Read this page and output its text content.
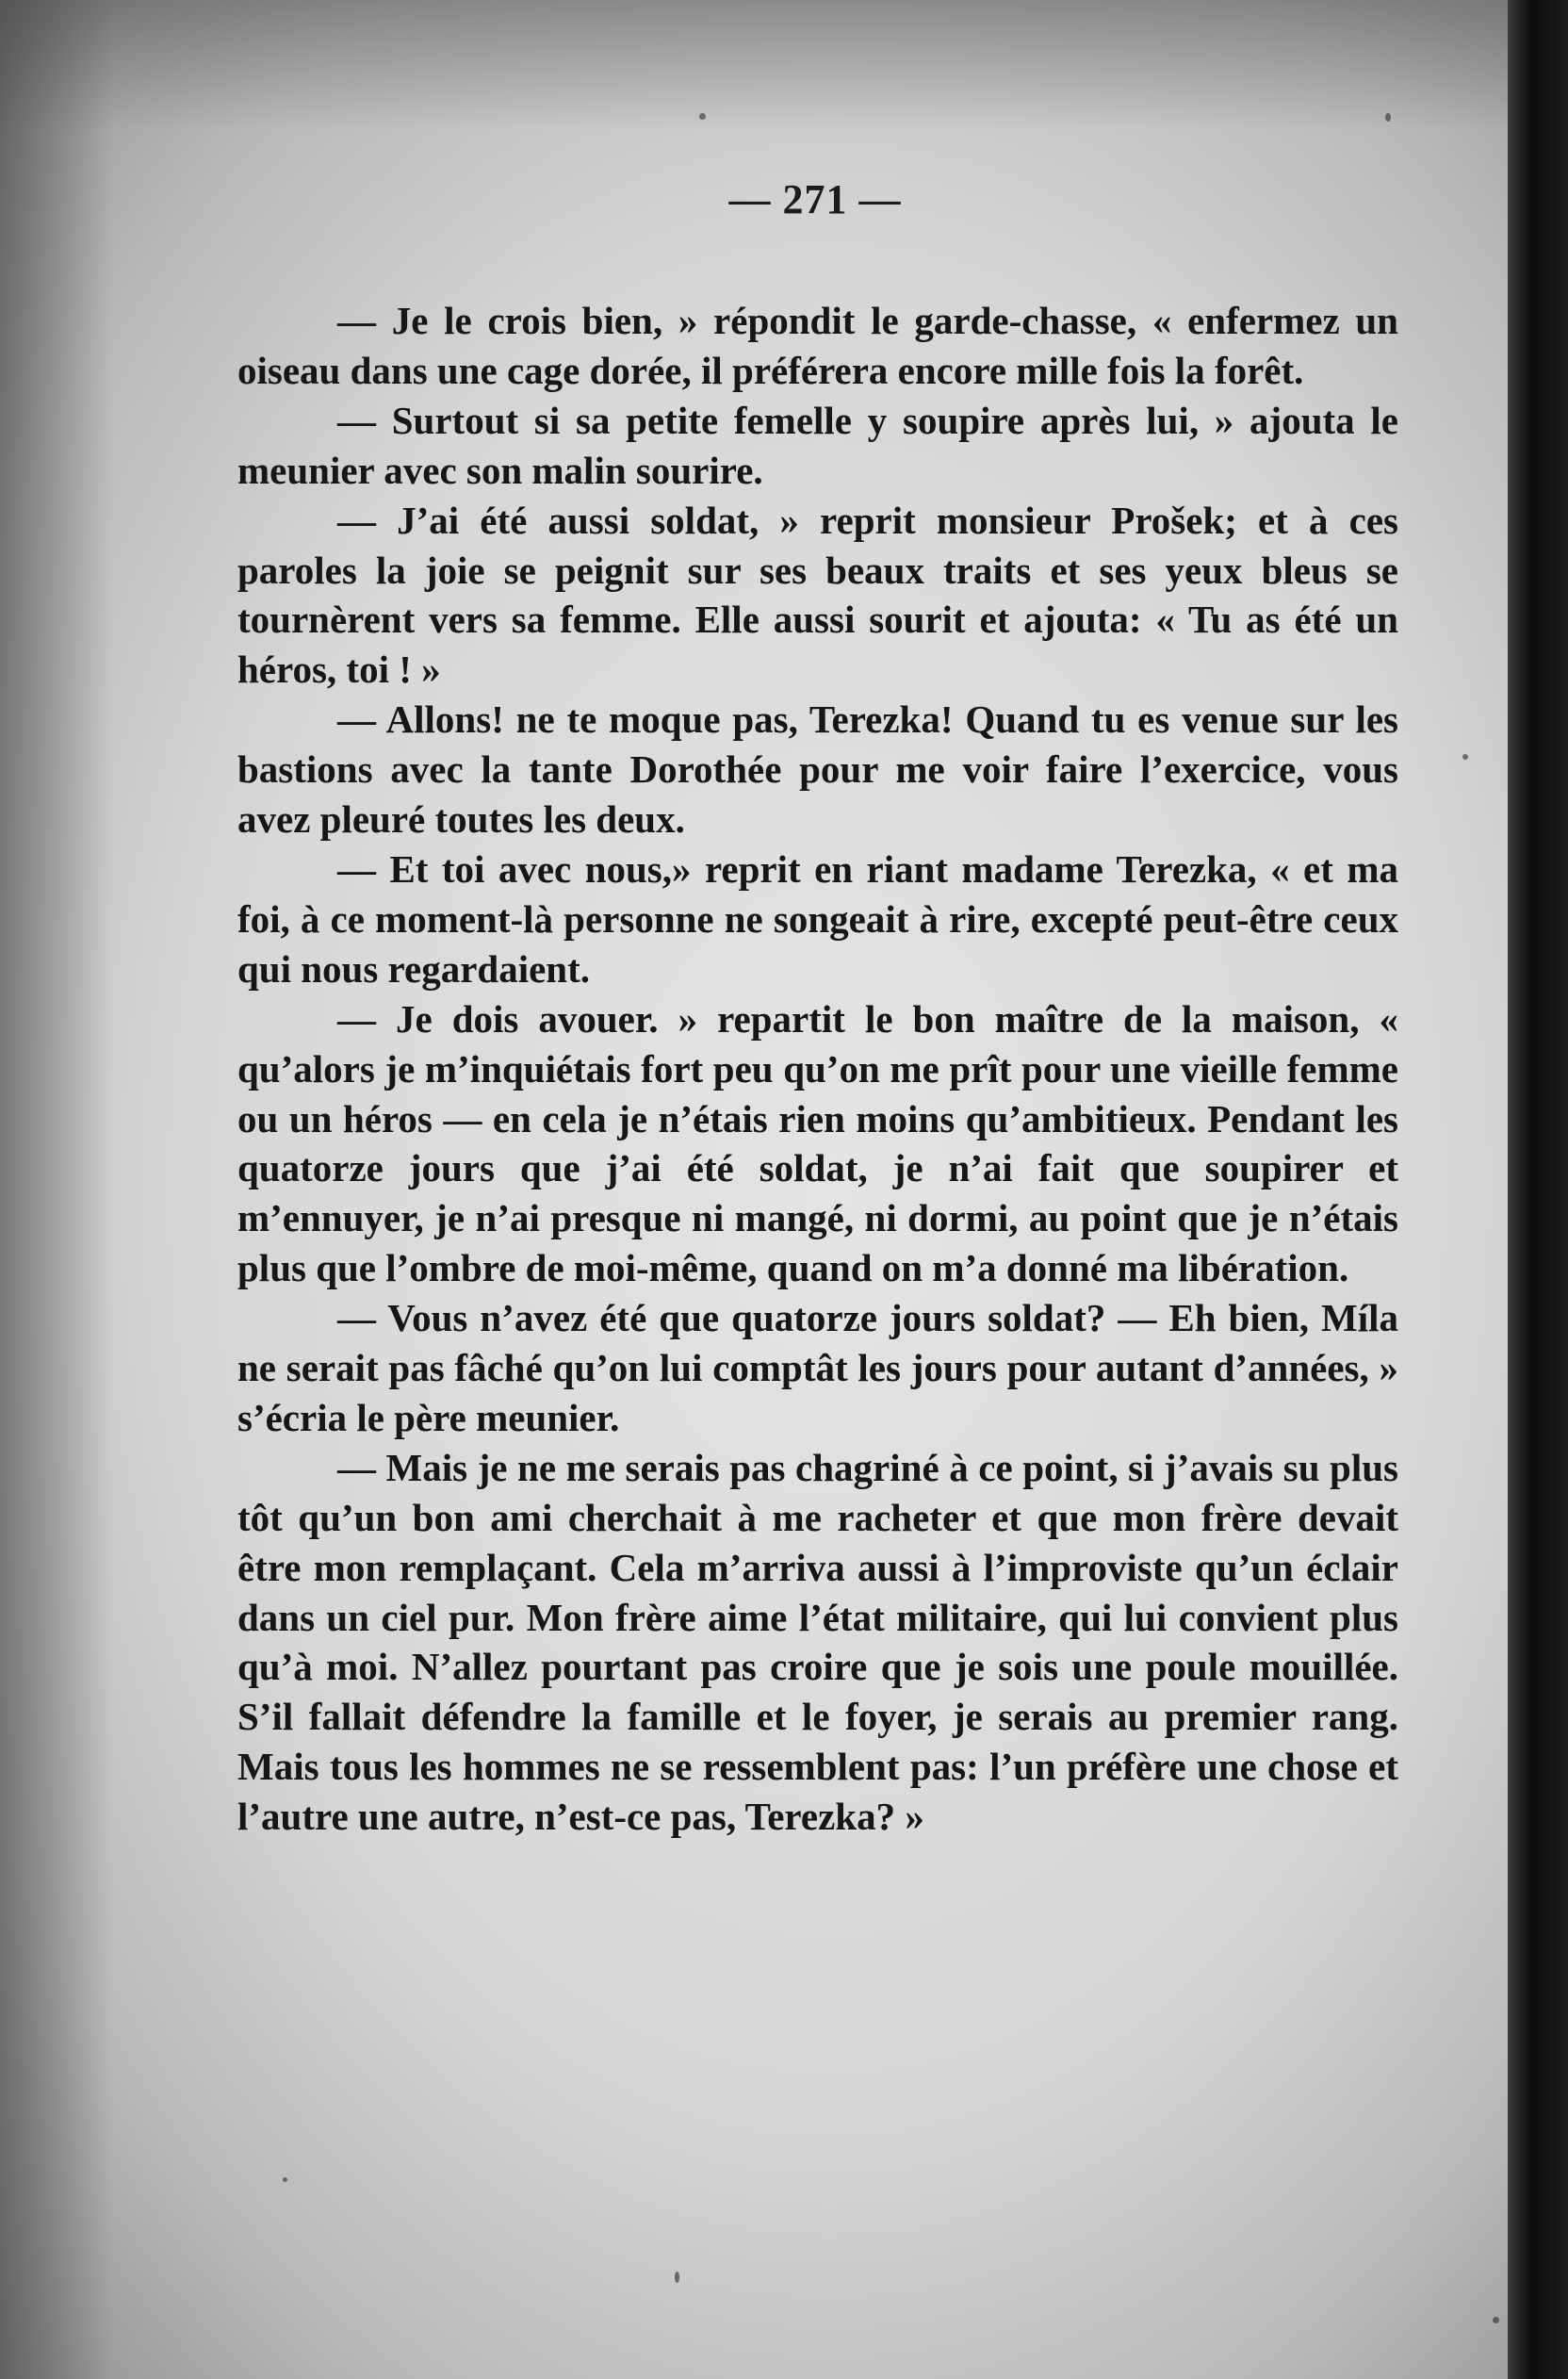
— 271 —

— Je le crois bien, » répondit le garde-chasse, « enfermez un oiseau dans une cage dorée, il préférera encore mille fois la forêt.

— Surtout si sa petite femelle y soupire après lui, » ajouta le meunier avec son malin sourire.

— J’ai été aussi soldat, » reprit monsieur Prošek; et à ces paroles la joie se peignit sur ses beaux traits et ses yeux bleus se tournèrent vers sa femme. Elle aussi sourit et ajouta: « Tu as été un héros, toi ! »

— Allons! ne te moque pas, Terezka! Quand tu es venue sur les bastions avec la tante Dorothée pour me voir faire l’exercice, vous avez pleuré toutes les deux.

— Et toi avec nous,» reprit en riant madame Terezka, « et ma foi, à ce moment-là personne ne songeait à rire, excepté peut-être ceux qui nous regardaient.

— Je dois avouer. » repartit le bon maître de la maison, « qu’alors je m’inquiétais fort peu qu’on me prît pour une vieille femme ou un héros — en cela je n’étais rien moins qu’ambitieux. Pendant les quatorze jours que j’ai été soldat, je n’ai fait que soupirer et m’ennuyer, je n’ai presque ni mangé, ni dormi, au point que je n’étais plus que l’ombre de moi-même, quand on m’a donné ma libération.

— Vous n’avez été que quatorze jours soldat? — Eh bien, Míla ne serait pas fâché qu’on lui comptât les jours pour autant d’années, » s’écria le père meunier.

— Mais je ne me serais pas chagriné à ce point, si j’avais su plus tôt qu’un bon ami cherchait à me racheter et que mon frère devait être mon remplaçant. Cela m’arriva aussi à l’improviste qu’un éclair dans un ciel pur. Mon frère aime l’état militaire, qui lui convient plus qu’à moi. N’allez pourtant pas croire que je sois une poule mouillée. S’il fallait défendre la famille et le foyer, je serais au premier rang. Mais tous les hommes ne se ressemblent pas: l’un préfère une chose et l’autre une autre, n’est-ce pas, Terezka? »
